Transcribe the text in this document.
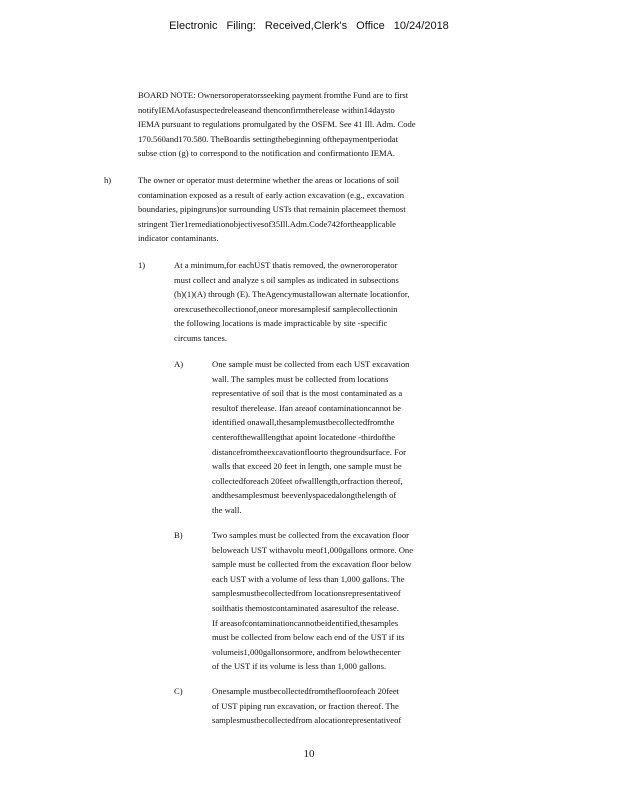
Electronic Filing: Received,Clerk's Office 10/24/2018
BOARD NOTE: Ownersoroperatorsseeking payment fromthe Fund are to first
notifyIEMAofasuspectedreleaseand thenconfirmtherelease within14daysto
IEMA pursuant to regulations promulgated by the OSFM. See 41 Ill. Adm. Code
170.560and170.580. TheBoardis settingthebeginning ofthepaymentperiodat
subse ction (g) to correspond to the notification and confirmationto IEMA.
h)	The owner or operator must determine whether the areas or locations of soil
contamination exposed as a result of early action excavation (e.g., excavation
boundaries, pipingruns)or surrounding USTs that remainin placemeet themost
stringent Tier1remediationobjectivesof35Ill.Adm.Code742fortheapplicable
indicator contaminants.
1)	At a minimum,for eachUST thatis removed, the owneroroperator
must collect and analyze s oil samples as indicated in subsections
(h)(1)(A) through (E). TheAgencymustallowan alternate locationfor,
orexcusethecollectionof,oneor moresamplesif samplecollectionin
the following locations is made impracticable by site -specific
circums tances.
A)	One sample must be collected from each UST excavation
wall. The samples must be collected from locations
representative of soil that is the most contaminated as a
resultof therelease. Ifan areaof contaminationcannot be
identified onawall,thesamplemustbecollectedfromthe
centerofthewalllengthat apoint locatedone -thirdofthe
distancefromtheexcavationfloorto thegroundsurface. For
walls that exceed 20 feet in length, one sample must be
collectedforeach 20feet ofwalllength,orfraction thereof,
andthesamplesmust beevenlyspacedalongthelength of
the wall.
B)	Two samples must be collected from the excavation floor
beloweach UST withavolu meof1,000gallons ormore. One
sample must be collected from the excavation floor below
each UST with a volume of less than 1,000 gallons. The
samplesmustbecollectedfrom locationsrepresentativeof
soilthatis themostcontaminated asaresultof the release.
If areasofcontaminationcannotbeidentified,thesamples
must be collected from below each end of the UST if its
volumeis1,000gallonsormore, andfrom belowthecenter
of the UST if its volume is less than 1,000 gallons.
C)	Onesample mustbecollectedfromthefloorofeach 20feet
of UST piping run excavation, or fraction thereof. The
samplesmustbecollectedfrom alocationrepresentativeof
10
